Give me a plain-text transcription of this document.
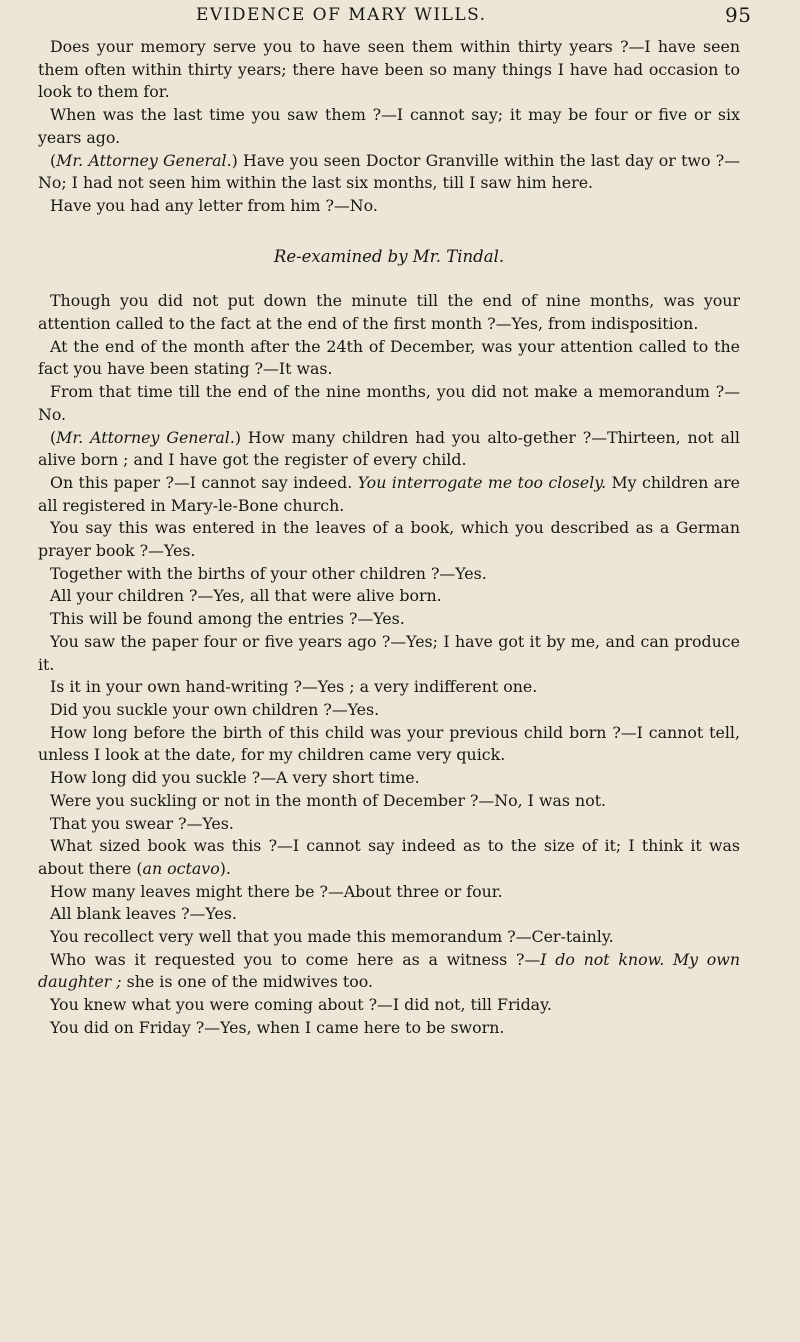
EVIDENCE OF MARY WILLS.	95

Does your memory serve you to have seen them within thirty years ?—I have seen them often within thirty years; there have been so many things I have had occasion to look to them for.

When was the last time you saw them ?—I cannot say; it may be four or five or six years ago.

(Mr. Attorney General.) Have you seen Doctor Granville within the last day or two ?—No; I had not seen him within the last six months, till I saw him here.

Have you had any letter from him ?—No.

Re-examined by Mr. Tindal.

Though you did not put down the minute till the end of nine months, was your attention called to the fact at the end of the first month ?—Yes, from indisposition.

At the end of the month after the 24th of December, was your attention called to the fact you have been stating ?—It was.

From that time till the end of the nine months, you did not make a memorandum ?—No.

(Mr. Attorney General.) How many children had you alto-gether ?—Thirteen, not all alive born ; and I have got the register of every child.

On this paper ?—I cannot say indeed. You interrogate me too closely. My children are all registered in Mary-le-Bone church.

You say this was entered in the leaves of a book, which you described as a German prayer book ?—Yes.

Together with the births of your other children ?—Yes.

All your children ?—Yes, all that were alive born.

This will be found among the entries ?—Yes.

You saw the paper four or five years ago ?—Yes; I have got it by me, and can produce it.

Is it in your own hand-writing ?—Yes ; a very indifferent one.

Did you suckle your own children ?—Yes.

How long before the birth of this child was your previous child born ?—I cannot tell, unless I look at the date, for my children came very quick.

How long did you suckle ?—A very short time.

Were you suckling or not in the month of December ?—No, I was not.

That you swear ?—Yes.

What sized book was this ?—I cannot say indeed as to the size of it; I think it was about there (an octavo).

How many leaves might there be ?—About three or four.

All blank leaves ?—Yes.

You recollect very well that you made this memorandum ?—Cer-tainly.

Who was it requested you to come here as a witness ?—I do not know. My own daughter ; she is one of the midwives too.

You knew what you were coming about ?—I did not, till Friday.

You did on Friday ?—Yes, when I came here to be sworn.
